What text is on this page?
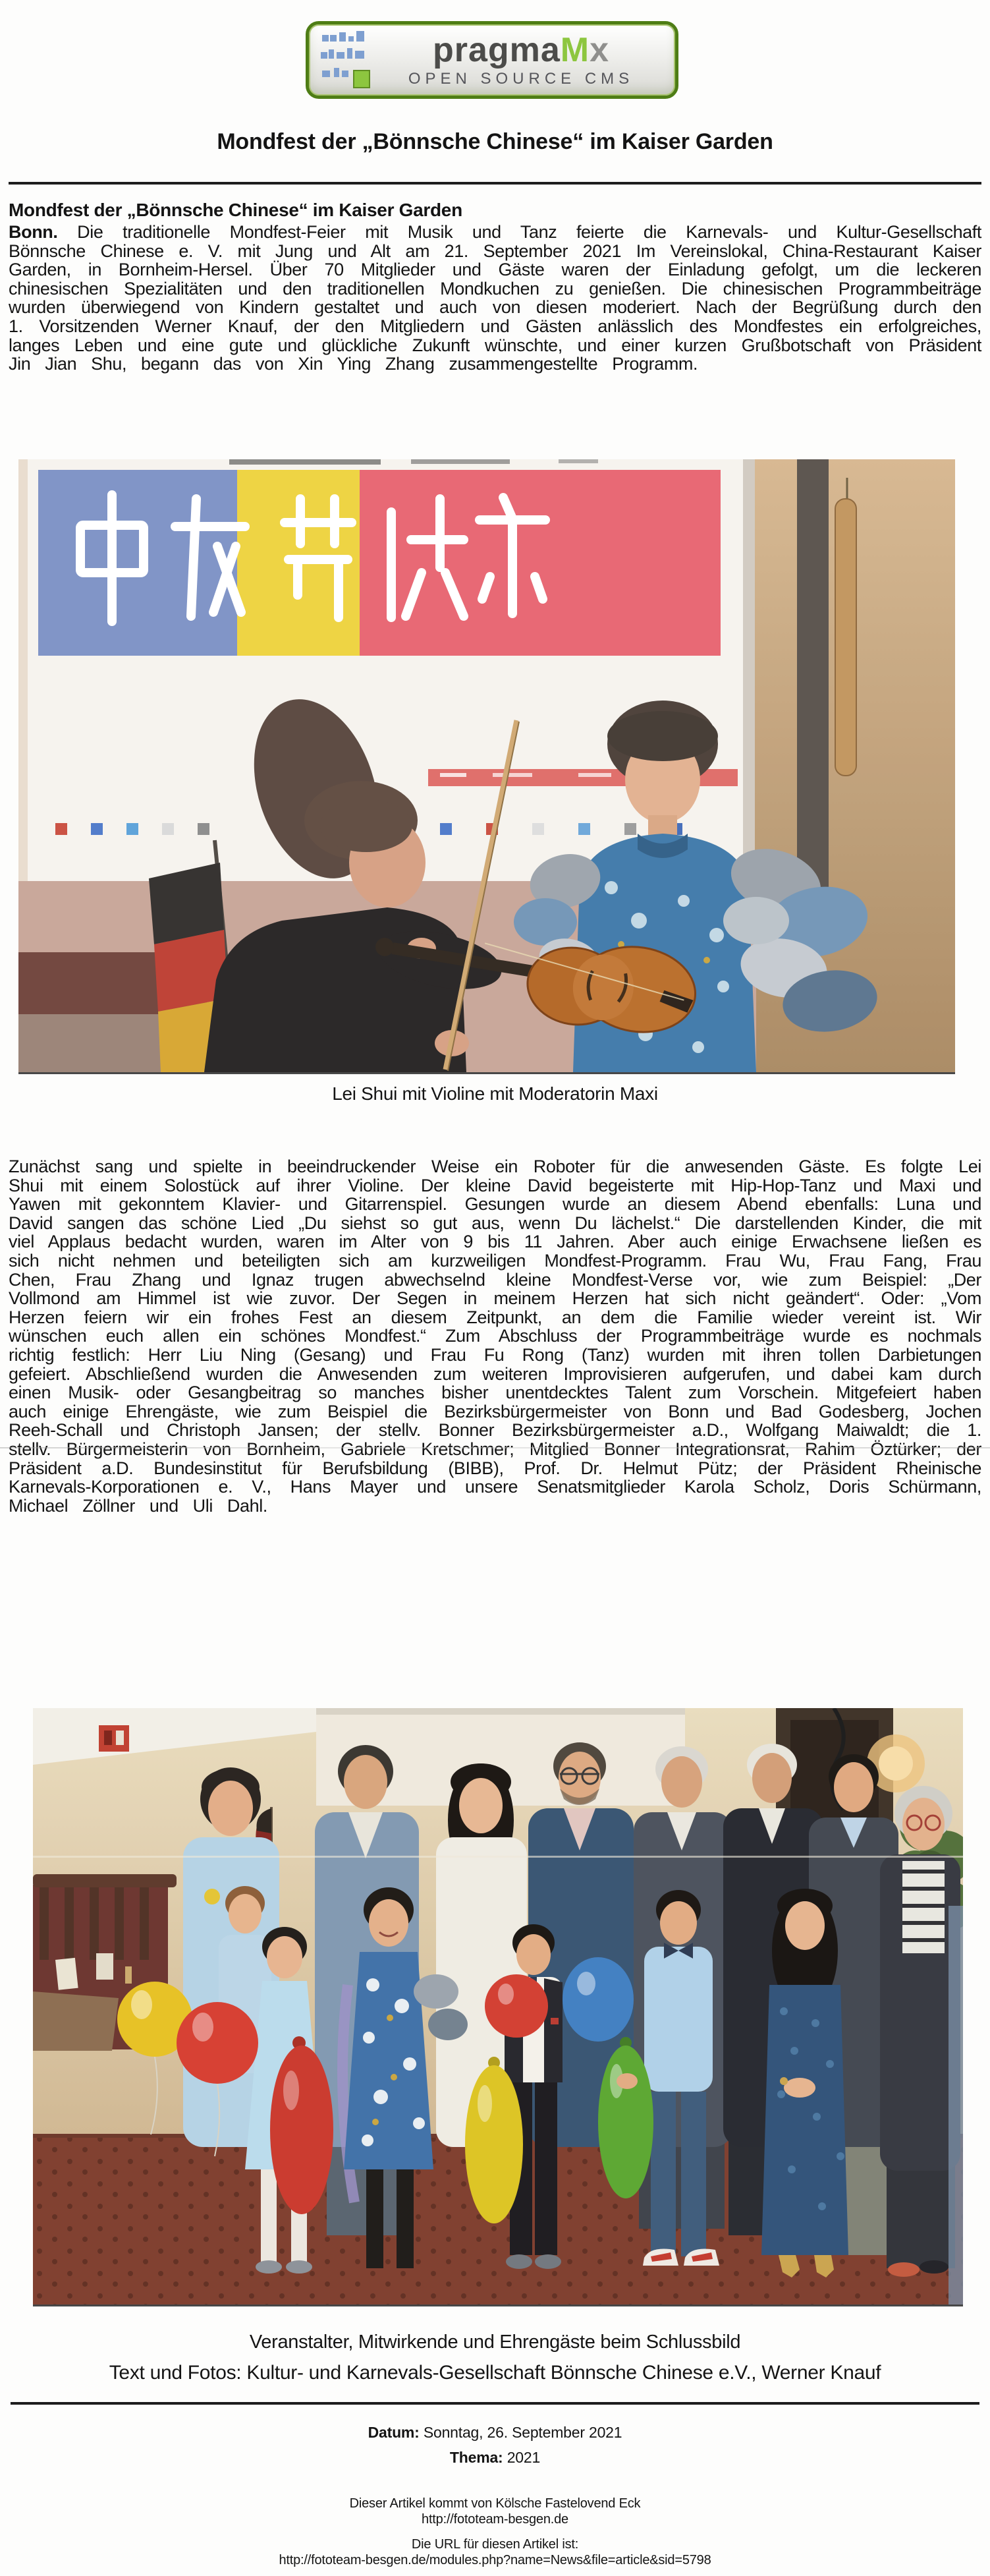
pragmaMx
OPEN SOURCE CMS
Mondfest der „Bönnsche Chinese“ im Kaiser Garden
Mondfest der „Bönnsche Chinese“ im Kaiser Garden

Bonn. Die traditionelle Mondfest-Feier mit Musik und Tanz feierte die Karnevals- und Kultur-Gesellschaft Bönnsche Chinese e. V. mit Jung und Alt am 21. September 2021 Im Vereinslokal, China-Restaurant Kaiser Garden, in Bornheim-Hersel. Über 70 Mitglieder und Gäste waren der Einladung gefolgt, um die leckeren chinesischen Spezialitäten und den traditionellen Mondkuchen zu genießen. Die chinesischen Programmbeiträge wurden überwiegend von Kindern gestaltet und auch von diesen moderiert. Nach der Begrüßung durch den 1. Vorsitzenden Werner Knauf, der den Mitgliedern und Gästen anlässlich des Mondfestes ein erfolgreiches, langes Leben und eine gute und glückliche Zukunft wünschte, und einer kurzen Grußbotschaft von Präsident Jin Jian Shu, begann das von Xin Ying Zhang zusammengestellte Programm.

Lei Shui mit Violine mit Moderatorin Maxi

Zunächst sang und spielte in beeindruckender Weise ein Roboter für die anwesenden Gäste. Es folgte Lei Shui mit einem Solostück auf ihrer Violine. Der kleine David begeisterte mit Hip-Hop-Tanz und Maxi und Yawen mit gekonntem Klavier- und Gitarrenspiel. Gesungen wurde an diesem Abend ebenfalls: Luna und David sangen das schöne Lied „Du siehst so gut aus, wenn Du lächelst.“ Die darstellenden Kinder, die mit viel Applaus bedacht wurden, waren im Alter von 9 bis 11 Jahren. Aber auch einige Erwachsene ließen es sich nicht nehmen und beteiligten sich am kurzweiligen Mondfest-Programm. Frau Wu, Frau Fang, Frau Chen, Frau Zhang und Ignaz trugen abwechselnd kleine Mondfest-Verse vor, wie zum Beispiel: „Der Vollmond am Himmel ist wie zuvor. Der Segen in meinem Herzen hat sich nicht geändert“. Oder: „Vom Herzen feiern wir ein frohes Fest an diesem Zeitpunkt, an dem die Familie wieder vereint ist. Wir wünschen euch allen ein schönes Mondfest.“ Zum Abschluss der Programmbeiträge wurde es nochmals richtig festlich: Herr Liu Ning (Gesang) und Frau Fu Rong (Tanz) wurden mit ihren tollen Darbietungen gefeiert. Abschließend wurden die Anwesenden zum weiteren Improvisieren aufgerufen, und dabei kam durch einen Musik- oder Gesangbeitrag so manches bisher unentdecktes Talent zum Vorschein. Mitgefeiert haben auch einige Ehrengäste, wie zum Beispiel die Bezirksbürgermeister von Bonn und Bad Godesberg, Jochen Reeh-Schall und Christoph Jansen; der stellv. Bonner Bezirksbürgermeister a.D., Wolfgang Maiwaldt; die 1. stellv. Bürgermeisterin von Bornheim, Gabriele Kretschmer; Mitglied Bonner Integrationsrat, Rahim Öztürker; der Präsident a.D. Bundesinstitut für Berufsbildung (BIBB), Prof. Dr. Helmut Pütz; der Präsident Rheinische Karnevals-Korporationen e. V., Hans Mayer und unsere Senatsmitglieder Karola Scholz, Doris Schürmann, Michael Zöllner und Uli Dahl.

Veranstalter, Mitwirkende und Ehrengäste beim Schlussbild
Text und Fotos: Kultur- und Karnevals-Gesellschaft Bönnsche Chinese e.V., Werner Knauf
Datum: Sonntag, 26. September 2021
Thema: 2021
Dieser Artikel kommt von Kölsche Fastelovend Eck
http://fototeam-besgen.de
Die URL für diesen Artikel ist:
http://fototeam-besgen.de/modules.php?name=News&file=article&sid=5798
